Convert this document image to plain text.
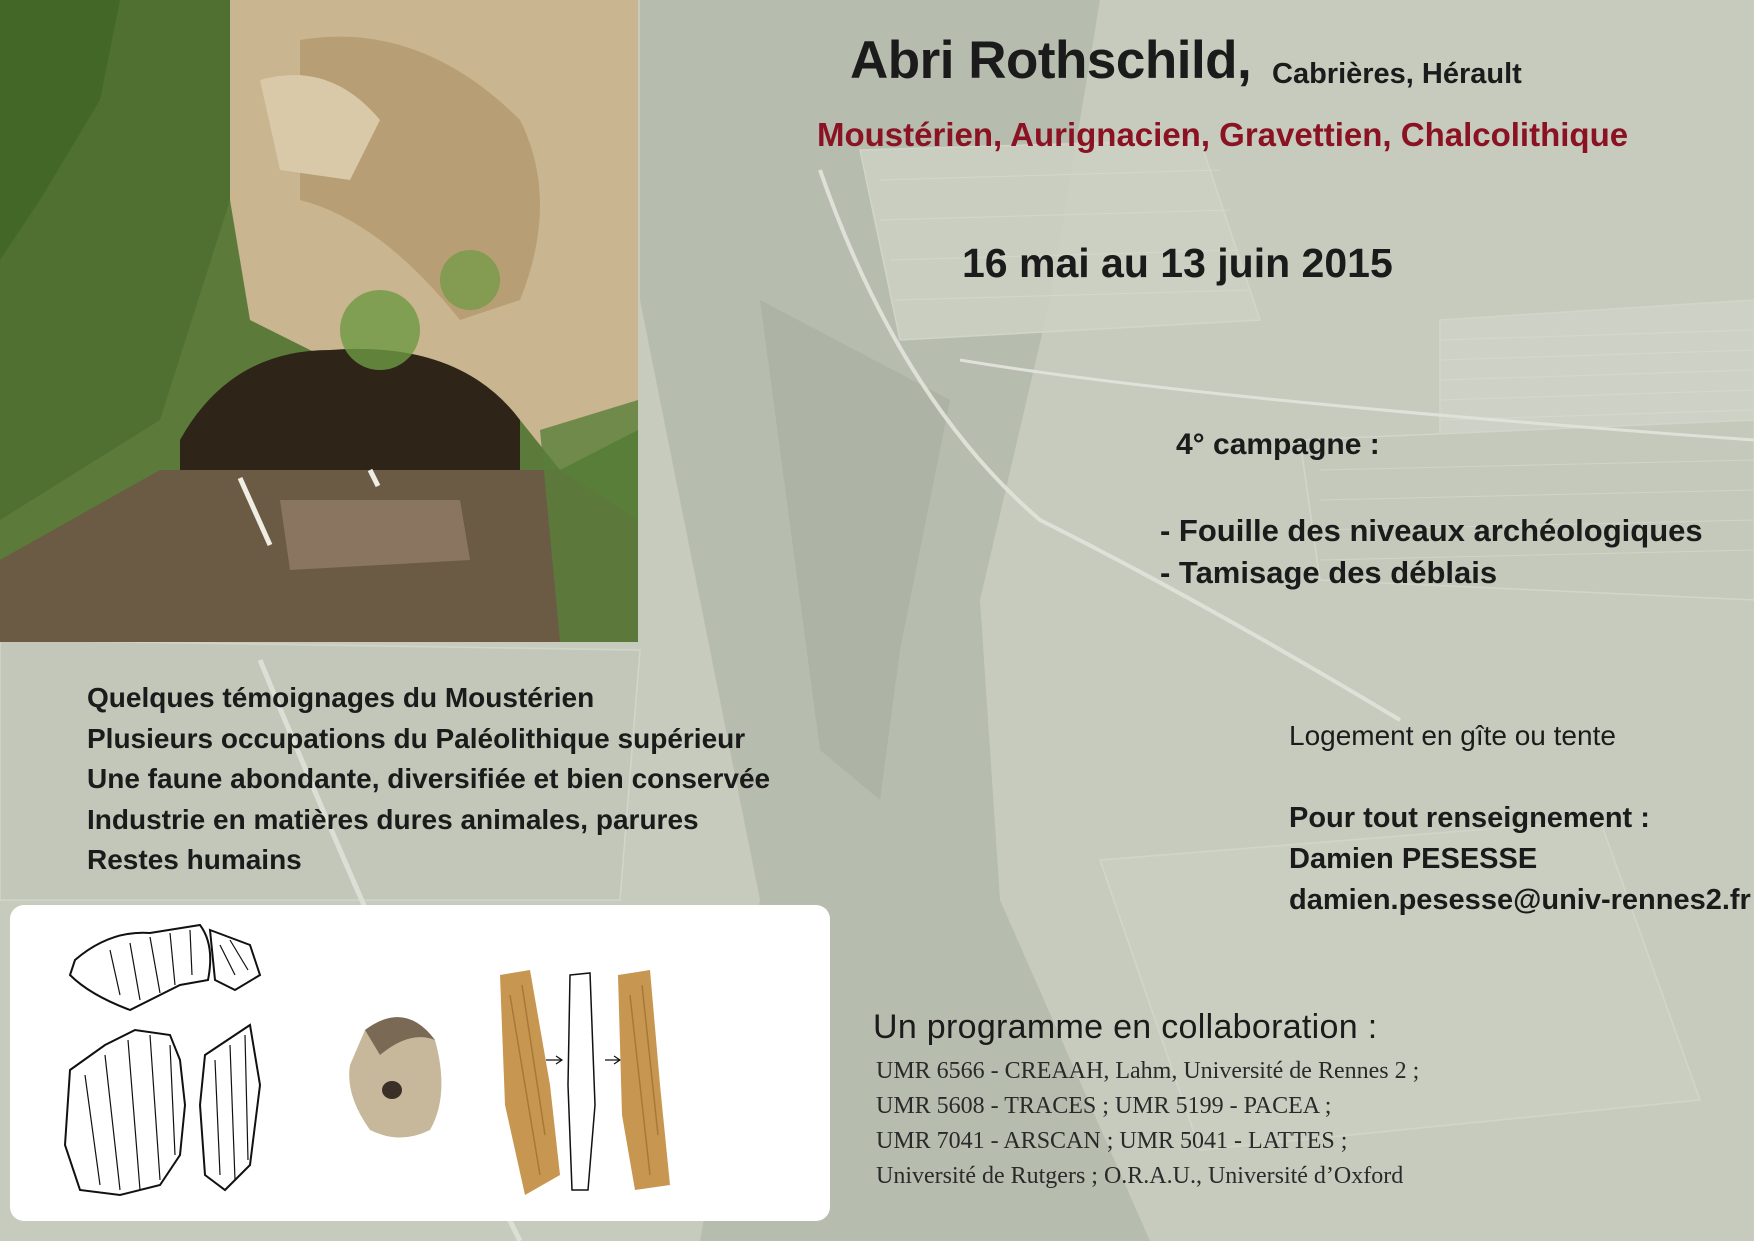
Abri Rothschild, Cabrières, Hérault
Moustérien, Aurignacien, Gravettien, Chalcolithique
16 mai au 13 juin 2015
4° campagne :
- Fouille des niveaux archéologiques
- Tamisage des déblais
Quelques témoignages du Moustérien
Plusieurs occupations du Paléolithique supérieur
Une faune abondante, diversifiée et bien conservée
Industrie en matières dures animales, parures
Restes humains
Logement en gîte ou tente
Pour tout renseignement :
Damien PESESSE
damien.pesesse@univ-rennes2.fr
Un programme en collaboration :
UMR 6566 - CREAAH, Lahm, Université de Rennes 2 ;
UMR 5608 - TRACES ; UMR 5199 - PACEA ;
UMR 7041 - ARSCAN ; UMR 5041 - LATTES ;
Université de Rutgers ; O.R.A.U., Université d’Oxford
